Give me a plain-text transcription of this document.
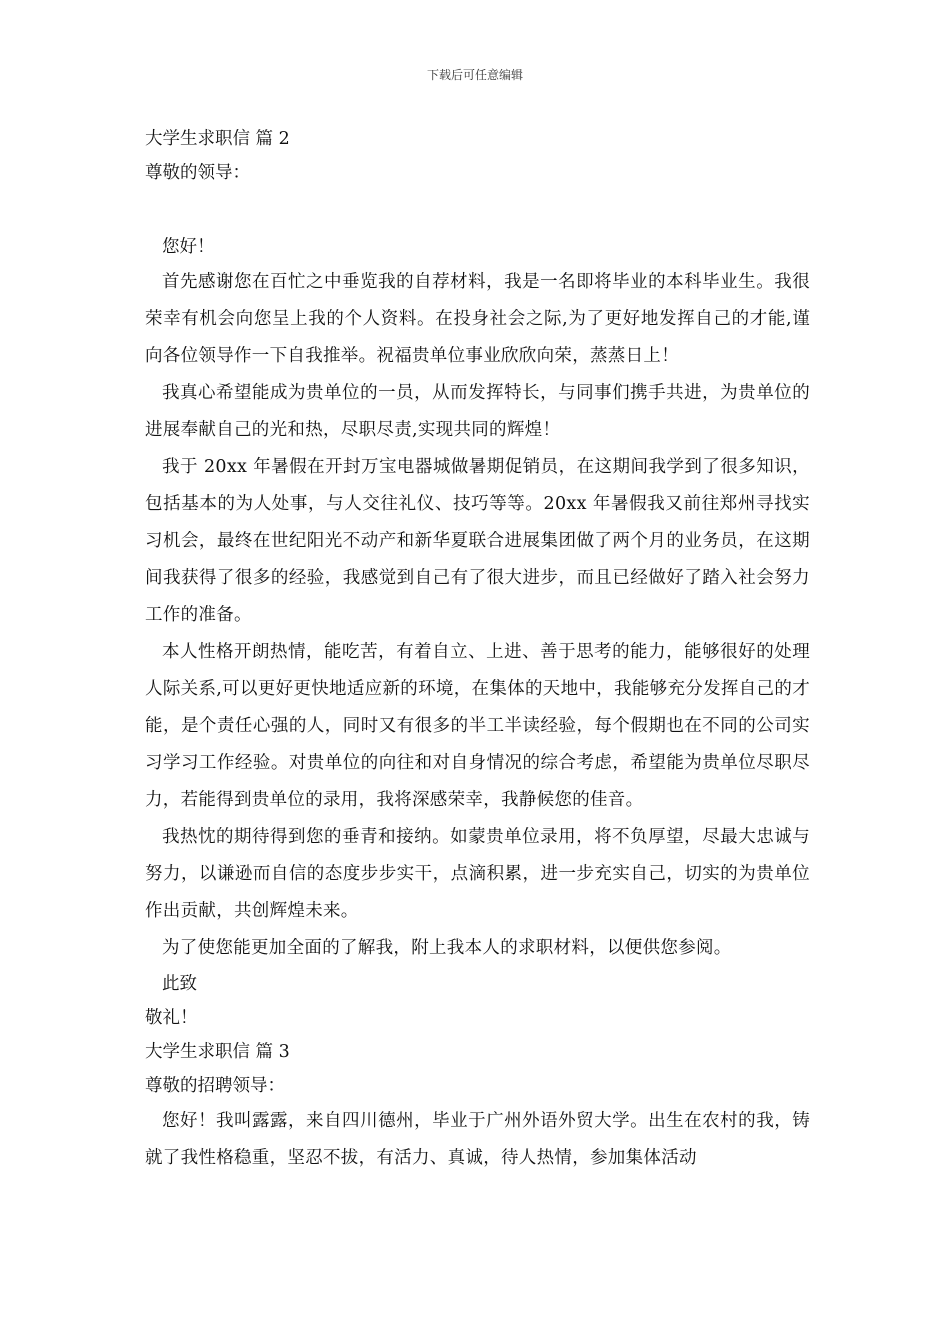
下载后可任意编辑
大学生求职信 篇 2
尊敬的领导：
您好！

首先感谢您在百忙之中垂览我的自荐材料，我是一名即将毕业的本科毕业生。我很荣幸有机会向您呈上我的个人资料。在投身社会之际,为了更好地发挥自己的才能,谨向各位领导作一下自我推举。祝福贵单位事业欣欣向荣，蒸蒸日上！

我真心希望能成为贵单位的一员，从而发挥特长，与同事们携手共进，为贵单位的进展奉献自己的光和热，尽职尽责,实现共同的辉煌！

我于 20xx 年暑假在开封万宝电器城做暑期促销员，在这期间我学到了很多知识，包括基本的为人处事，与人交往礼仪、技巧等等。20xx 年暑假我又前往郑州寻找实习机会，最终在世纪阳光不动产和新华夏联合进展集团做了两个月的业务员，在这期间我获得了很多的经验，我感觉到自己有了很大进步，而且已经做好了踏入社会努力工作的准备。

本人性格开朗热情，能吃苦，有着自立、上进、善于思考的能力，能够很好的处理人际关系,可以更好更快地适应新的环境，在集体的天地中，我能够充分发挥自己的才能，是个责任心强的人，同时又有很多的半工半读经验，每个假期也在不同的公司实习学习工作经验。对贵单位的向往和对自身情况的综合考虑，希望能为贵单位尽职尽力，若能得到贵单位的录用，我将深感荣幸，我静候您的佳音。

我热忱的期待得到您的垂青和接纳。如蒙贵单位录用，将不负厚望，尽最大忠诚与努力，以谦逊而自信的态度步步实干，点滴积累，进一步充实自己，切实的为贵单位作出贡献，共创辉煌未来。

为了使您能更加全面的了解我，附上我本人的求职材料，以便供您参阅。

此致
敬礼！
大学生求职信 篇 3
尊敬的招聘领导：

您好！我叫露露，来自四川德州，毕业于广州外语外贸大学。出生在农村的我，铸就了我性格稳重，坚忍不拔，有活力、真诚，待人热情，参加集体活动
